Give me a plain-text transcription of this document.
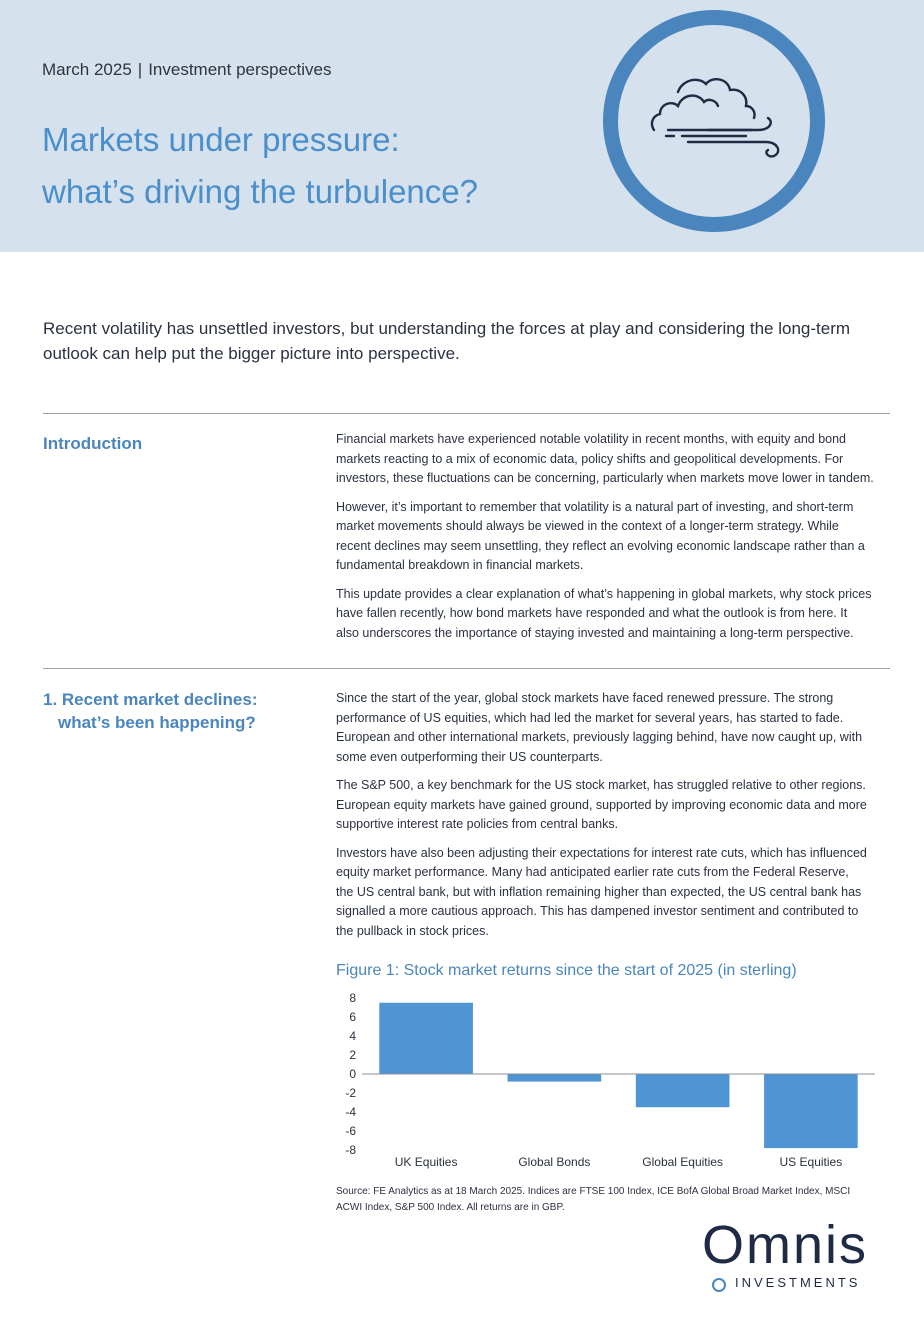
March 2025 | Investment perspectives
Markets under pressure:
what’s driving the turbulence?
Recent volatility has unsettled investors, but understanding the forces at play and considering the long-term
outlook can help put the bigger picture into perspective.
Introduction	Financial markets have experienced notable volatility in recent months, with equity and bond
markets reacting to a mix of economic data, policy shifts and geopolitical developments. For
investors, these fluctuations can be concerning, particularly when markets move lower in tandem.

However, it’s important to remember that volatility is a natural part of investing, and short-term
market movements should always be viewed in the context of a longer-term strategy. While
recent declines may seem unsettling, they reflect an evolving economic landscape rather than a
fundamental breakdown in financial markets.

This update provides a clear explanation of what’s happening in global markets, why stock prices
have fallen recently, how bond markets have responded and what the outlook is from here. It
also underscores the importance of staying invested and maintaining a long-term perspective.

1. Recent market declines:
what’s been happening?

Since the start of the year, global stock markets have faced renewed pressure. The strong
performance of US equities, which had led the market for several years, has started to fade.
European and other international markets, previously lagging behind, have now caught up, with
some even outperforming their US counterparts.

The S&P 500, a key benchmark for the US stock market, has struggled relative to other regions.
European equity markets have gained ground, supported by improving economic data and more
supportive interest rate policies from central banks.

Investors have also been adjusting their expectations for interest rate cuts, which has influenced
equity market performance. Many had anticipated earlier rate cuts from the Federal Reserve,
the US central bank, but with inflation remaining higher than expected, the US central bank has
signalled a more cautious approach. This has dampened investor sentiment and contributed to
the pullback in stock prices.

Figure 1: Stock market returns since the start of 2025 (in sterling)
8
6
4
2
0
-2
-4
-6
-8
UK Equities	Global Bonds	Global Equities	US Equities
Source: FE Analytics as at 18 March 2025. Indices are FTSE 100 Index, ICE BofA Global Broad Market Index, MSCI
ACWI Index, S&P 500 Index. All returns are in GBP.
Omnis
INVESTMENTS
